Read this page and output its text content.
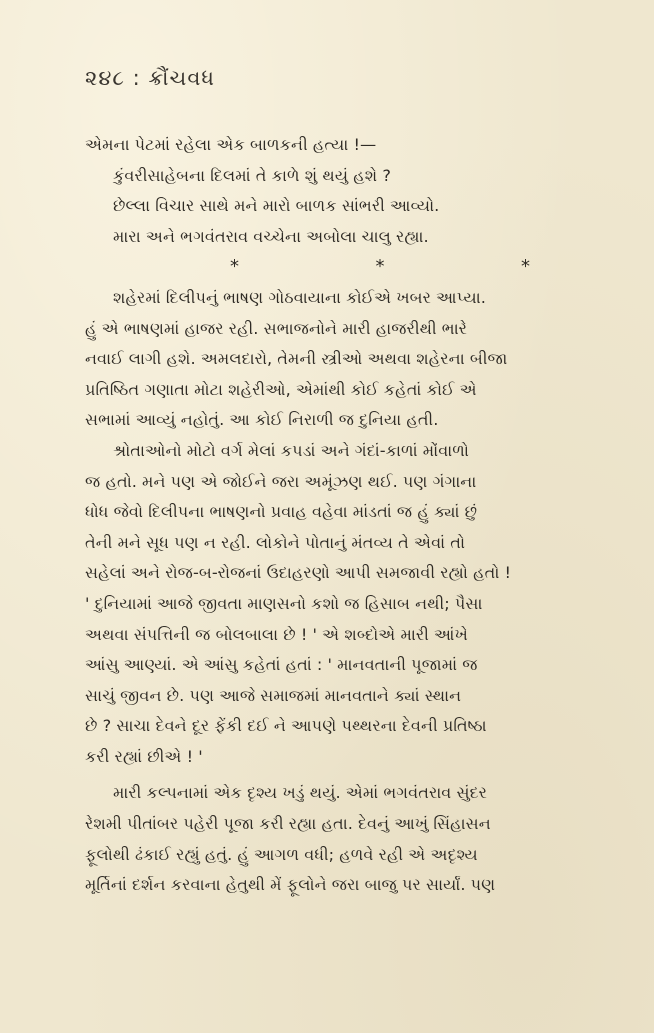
૨૪૮ : ક્રૌંચવધ
એમના પેટમાં રહેલા એક બાળકની હત્યા !—
કુંવરીસાહેબના દિલમાં તે કાળે શું થયું હશે ?
છેલ્લા વિચાર સાથે મને મારો બાળક સાંભરી આવ્યો.
મારા અને ભગવંતરાવ વચ્ચેના અબોલા ચાલુ રહ્યા.
*	*	*
શહેરમાં દિલીપનું ભાષણ ગોઠવાયાના કોઈએ ખબર આપ્યા.
હું એ ભાષણમાં હાજર રહી. સભાજનોને મારી હાજરીથી ભારે
નવાઈ લાગી હશે. અમલદારો, તેમની સ્ત્રીઓ અથવા શહેરના બીજા
પ્રતિષ્ઠિત ગણાતા મોટા શહેરીઓ, એમાંથી કોઈ કહેતાં કોઈ એ
સભામાં આવ્યું નહોતું. આ કોઈ નિરાળી જ દુનિયા હતી.
શ્રોતાઓનો મોટો વર્ગ મેલાં કપડાં અને ગંદાં-કાળાં મોંવાળો
જ હતો. મને પણ એ જોઈને જરા અમૂંઝણ થઈ. પણ ગંગાના
ધોધ જેવો દિલીપના ભાષણનો પ્રવાહ વહેવા માંડતાં જ હું ક્યાં છું
તેની મને સૂધ પણ ન રહી. લોકોને પોતાનું મંતવ્ય તે એવાં તો
સહેલાં અને રોજ-બ-રોજનાં ઉદાહરણો આપી સમજાવી રહ્યો હતો !
' દુનિયામાં આજે જીવતા માણસનો કશો જ હિસાબ નથી; પૈસા
અથવા સંપત્તિની જ બોલબાલા છે ! ' એ શબ્દોએ મારી આંખે
આંસુ આણ્યાં. એ આંસુ કહેતાં હતાં : ' માનવતાની પૂજામાં જ
સાચું જીવન છે. પણ આજે સમાજમાં માનવતાને ક્યાં સ્થાન
છે ? સાચા દેવને દૂર ફેંકી દઈ ને આપણે પથ્થરના દેવની પ્રતિષ્ઠા
કરી રહ્યાં છીએ ! '
મારી કલ્પનામાં એક દૃશ્ય ખડું થયું. એમાં ભગવંતરાવ સુંદર
રેશમી પીતાંબર પહેરી પૂજા કરી રહ્યા હતા. દેવનું આખું સિંહાસન
ફૂલોથી ઢંકાઈ રહ્યું હતું. હું આગળ વધી; હળવે રહી એ અદૃશ્ય
મૂર્તિનાં દર્શન કરવાના હેતુથી મેં ફૂલોને જરા બાજુ પર સાર્યાં. પણ
